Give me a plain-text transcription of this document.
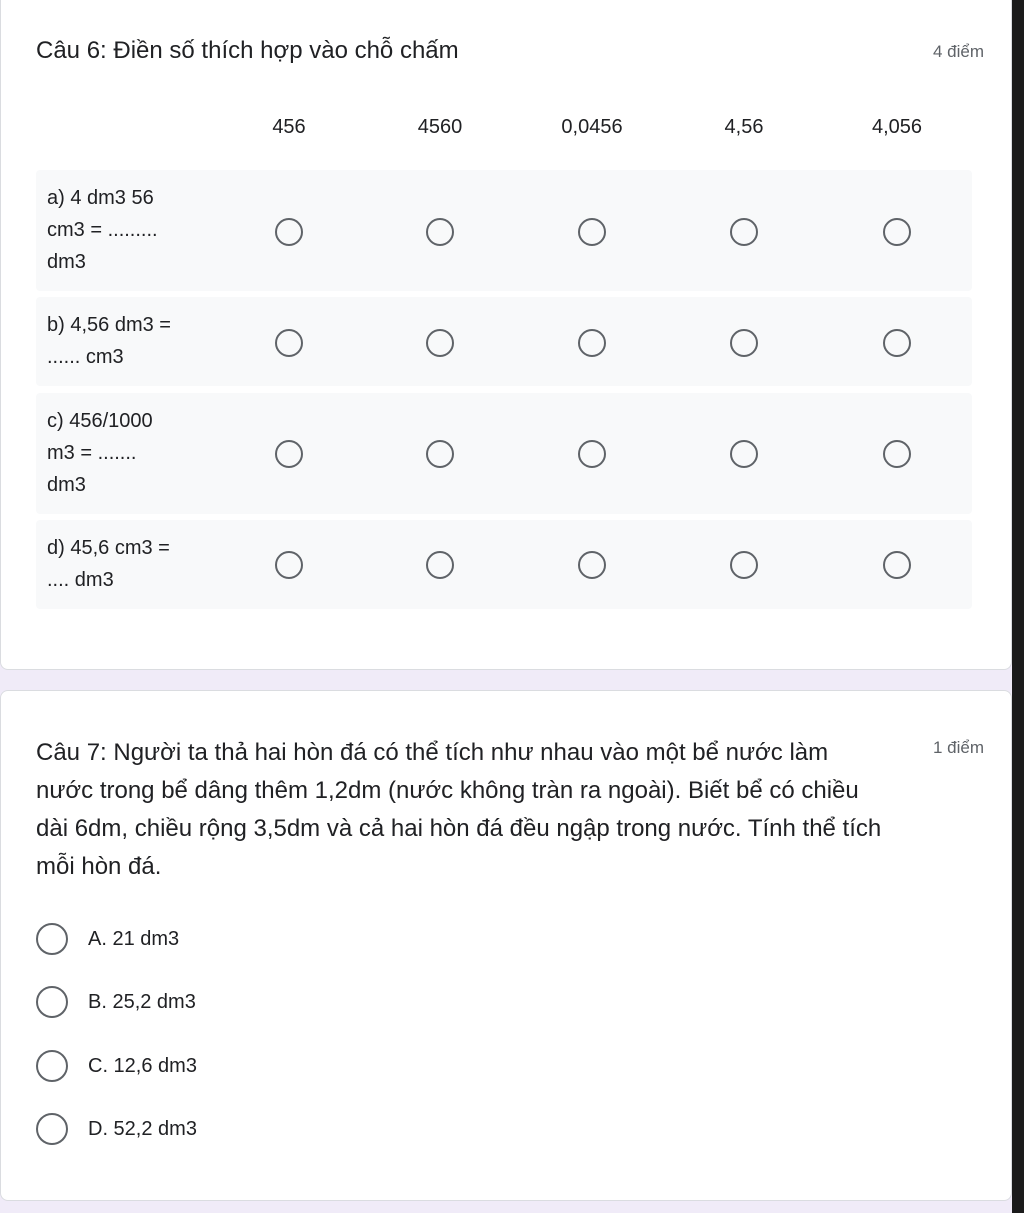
Câu 6: Điền số thích hợp vào chỗ chấm	4 điểm
456	4560	0,0456	4,56	4,056
a) 4 dm3 56
cm3 = .........
dm3
b) 4,56 dm3 =
...... cm3
c) 456/1000
m3 = .......
dm3
d) 45,6 cm3 =
.... dm3
Câu 7: Người ta thả hai hòn đá có thể tích như nhau vào một bể nước làm nước trong bể dâng thêm 1,2dm (nước không tràn ra ngoài). Biết bể có chiều dài 6dm, chiều rộng 3,5dm và cả hai hòn đá đều ngập trong nước. Tính thể tích mỗi hòn đá.
1 điểm
A. 21 dm3
B. 25,2 dm3
C. 12,6 dm3
D. 52,2 dm3
